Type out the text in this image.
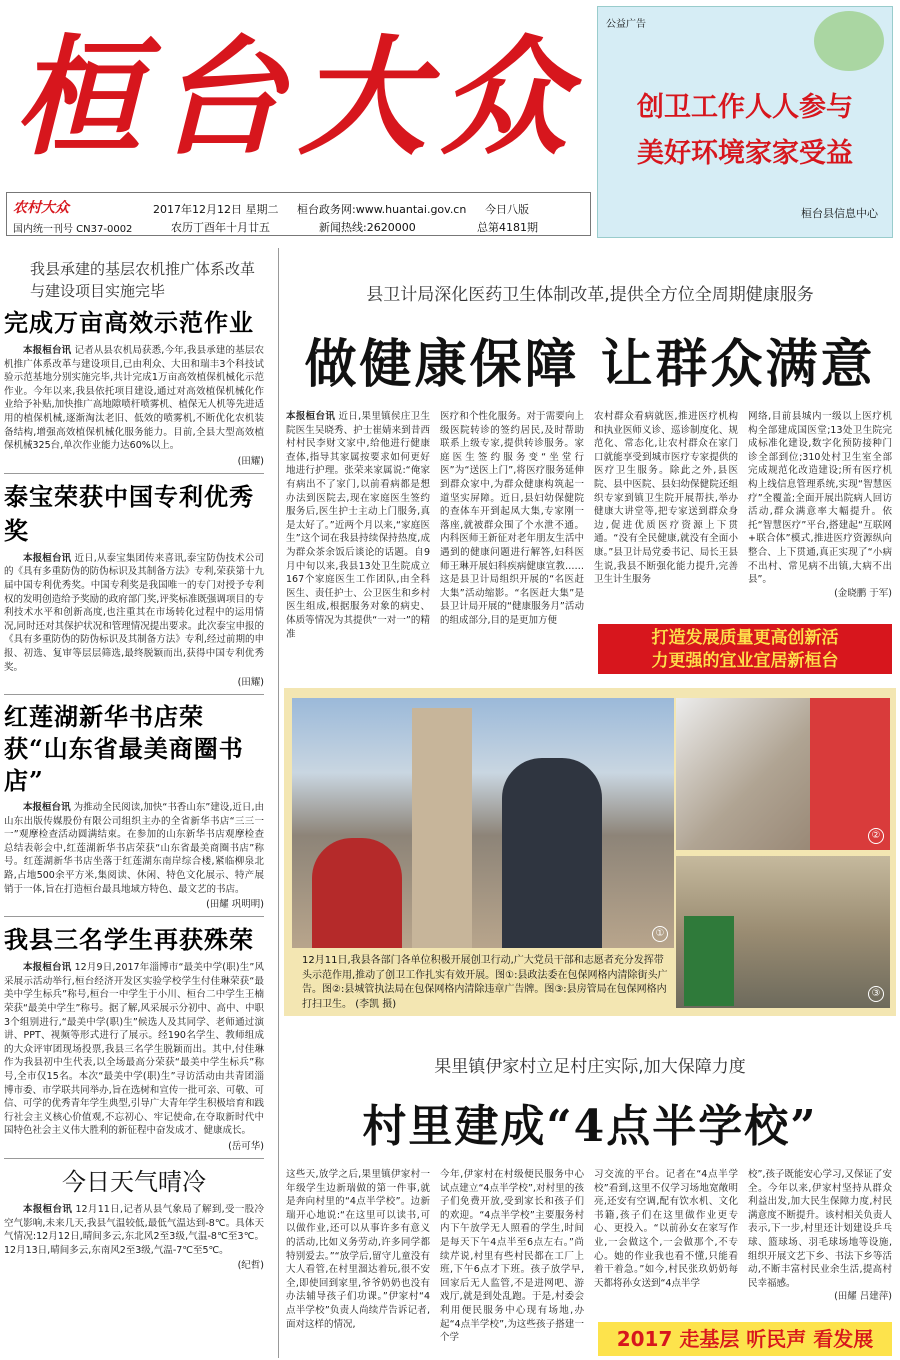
桓台大众	公益广告
创卫工作人人参与
美好环境家家受益
桓台县信息中心
农村大众
国内统一刊号 CN37-0002
2017年12月12日 星期二
农历丁酉年十月廿五
桓台政务网:www.huantai.gov.cn
新闻热线:2620000
今日八版
总第4181期
我县承建的基层农机推广体系改革与建设项目实施完毕
完成万亩高效示范作业
本报桓台讯 记者从县农机局获悉,今年,我县承建的基层农机推广体系改革与建设项目,已由利众、大田和瑞丰3个科技试验示范基地分别实施完毕,共计完成1万亩高效植保机械化示范作业。今年以来,我县依托项目建设,通过对高效植保机械化作业给予补贴,加快推广高地隙喷杆喷雾机、植保无人机等先进适用的植保机械,逐渐淘汰老旧、低效的喷雾机,不断优化农机装备结构,增强高效植保机械化服务能力。目前,全县大型高效植保机械325台,单次作业能力达60%以上。
(田耀)
泰宝荣获中国专利优秀奖
本报桓台讯 近日,从泰宝集团传来喜讯,泰宝防伪技术公司的《具有多重防伪的防伪标识及其制备方法》专利,荣获第十九届中国专利优秀奖。中国专利奖是我国唯一的专门对授予专利权的发明创造给予奖励的政府部门奖,评奖标准既强调项目的专利技术水平和创新高度,也注重其在市场转化过程中的运用情况,同时还对其保护状况和管理情况提出要求。此次泰宝申报的《具有多重防伪的防伪标识及其制备方法》专利,经过前期的申报、初选、复审等层层筛选,最终脱颖而出,获得中国专利优秀奖。
(田耀)
红莲湖新华书店荣获“山东省最美商圈书店”
本报桓台讯 为推动全民阅读,加快“书香山东”建设,近日,由山东出版传媒股份有限公司组织主办的全省新华书店“三三一一”观摩检查活动圆满结束。在参加的山东新华书店观摩检查总结表彰会中,红莲湖新华书店荣获“山东省最美商圈书店”称号。红莲湖新华书店坐落于红莲湖东南岸综合楼,紧临柳泉北路,占地500余平方米,集阅读、休闲、特色文化展示、特产展销于一体,旨在打造桓台最具地域方特色、最文艺的书店。
(田耀 巩明明)
我县三名学生再获殊荣
本报桓台讯 12月9日,2017年淄博市“最美中学(职)生”风采展示活动举行,桓台经济开发区实验学校学生付佳琳荣获“最美中学生标兵”称号,桓台一中学生于小川、桓台二中学生王楠荣获“最美中学生”称号。据了解,风采展示分初中、高中、中职3个组别进行,“最美中学(职)生”候选人及其同学、老师通过演讲、PPT、视频等形式进行了展示。经190名学生、教师组成的大众评审团现场投票,我县三名学生脱颖而出。其中,付佳琳作为我县初中生代表,以全场最高分荣获“最美中学生标兵”称号,全市仅15名。本次“最美中学(职)生”寻访活动由共青团淄博市委、市学联共同举办,旨在选树和宣传一批可亲、可敬、可信、可学的优秀青年学生典型,引导广大青年学生积极培育和践行社会主义核心价值观,不忘初心、牢记使命,在夺取新时代中国特色社会主义伟大胜利的新征程中奋发成才、健康成长。
(岳可华)
今日天气晴冷
本报桓台讯 12月11日,记者从县气象局了解到,受一股冷空气影响,未来几天,我县气温较低,最低气温达到-8℃。具体天气情况:12月12日,晴间多云,东北风2至3级,气温-8℃至3℃。12月13日,晴间多云,东南风2至3级,气温-7℃至5℃。
(纪哲)
县卫计局深化医药卫生体制改革,提供全方位全周期健康服务
做健康保障 让群众满意
本报桓台讯 近日,果里镇侯庄卫生院医生吴晓秀、护士崔婧来到昔西村村民李财文家中,给他进行健康查体,指导其家属按要求如何更好地进行护理。张荣来家属说:“俺家有病出不了家门,以前看病都是想办法到医院去,现在家庭医生签约服务后,医生护士主动上门服务,真是太好了。”近两个月以来,“家庭医生”这个词在我县持续保持热度,成为群众茶余饭后谈论的话题。自9月中旬以来,我县13处卫生院成立167个家庭医生工作团队,由全科医生、责任护士、公卫医生和乡村医生组成,根据服务对象的病史、体质等情况为其提供“一对一”的精准
医疗和个性化服务。对于需要向上级医院转诊的签约居民,及时帮助联系上级专家,提供转诊服务。家庭医生签约服务变“坐堂行医”为“送医上门”,将医疗服务延伸到群众家中,为群众健康构筑起一道坚实屏障。近日,县妇幼保健院的查体车开到起凤大集,专家刚一落座,就被群众围了个水泄不通。内科医师王新征对老年朋友生活中遇到的健康问题进行解答,妇科医师王琳开展妇科疾病健康宣教……这是县卫计局组织开展的“名医赶大集”活动缩影。“名医赶大集”是县卫计局开展的“健康服务月”活动的组成部分,目的是更加方便
农村群众看病就医,推进医疗机构和执业医师义诊、巡诊制度化、规范化、常态化,让农村群众在家门口就能享受到城市医疗专家提供的医疗卫生服务。除此之外,县医院、县中医院、县妇幼保健院还组织专家到镇卫生院开展帮扶,举办健康大讲堂等,把专家送到群众身边,促进优质医疗资源上下贯通。“没有全民健康,就没有全面小康。”县卫计局党委书记、局长王县生说,我县不断强化能力提升,完善卫生计生服务
网络,目前县城内一级以上医疗机构全部建成国医堂;13处卫生院完成标准化建设,数字化预防接种门诊全部到位;310处村卫生室全部完成规范化改造建设;所有医疗机构上线信息管理系统,实现“智慧医疗”全覆盖;全面开展出院病人回访活动,群众满意率大幅提升。依托“智慧医疗”平台,搭建起“互联网+联合体”模式,推进医疗资源纵向整合、上下贯通,真正实现了“小病不出村、常见病不出镇,大病不出县”。
(金晓鹏 于军)
打造发展质量更高创新活
力更强的宜业宜居新桓台
①
②
③
12月11日,我县各部门各单位积极开展创卫行动,广大党员干部和志愿者充分发挥带头示范作用,推动了创卫工作扎实有效开展。图①:县政法委在包保网格内清除街头广告。图②:县城管执法局在包保网格内清除违章广告牌。图③:县房管局在包保网格内打扫卫生。 (李凯 摄)
果里镇伊家村立足村庄实际,加大保障力度
村里建成“4点半学校”
这些天,放学之后,果里镇伊家村一年级学生边新瑞做的第一件事,就是奔向村里的“4点半学校”。边新瑞开心地说:“在这里可以读书,可以做作业,还可以从事许多有意义的活动,比如义务劳动,许多同学都特别爱去。”“放学后,留守儿童没有大人看管,在村里溜达着玩,很不安全,即使回到家里,爷爷奶奶也没有办法辅导孩子们功课。”伊家村“4点半学校”负责人尚续芹告诉记者,面对这样的情况,
今年,伊家村在村级便民服务中心试点建立“4点半学校”,对村里的孩子们免费开放,受到家长和孩子们的欢迎。“4点半学校”主要服务村内下午放学无人照看的学生,时间是每天下午4点半至6点左右。”尚续芹说,村里有些村民都在工厂上班,下午6点才下班。孩子放学早,回家后无人监管,不是进网吧、游戏厅,就是到处乱跑。于是,村委会利用便民服务中心现有场地,办起“4点半学校”,为这些孩子搭建一个学
习交流的平台。记者在“4点半学校”看到,这里不仅学习场地宽敞明亮,还安有空调,配有饮水机、文化书籍,孩子们在这里做作业更专心、更投入。“以前孙女在家写作业,一会做这个,一会做那个,不专心。她的作业我也看不懂,只能看着干着急。”如今,村民张玖奶奶每天都将孙女送到“4点半学
校”,孩子既能安心学习,又保证了安全。今年以来,伊家村坚持从群众利益出发,加大民生保障力度,村民满意度不断提升。该村相关负责人表示,下一步,村里还计划建设乒乓球、篮球场、羽毛球场地等设施,组织开展文艺下乡、书法下乡等活动,不断丰富村民业余生活,提高村民幸福感。
(田耀 吕建萍)
2017 走基层 听民声 看发展
